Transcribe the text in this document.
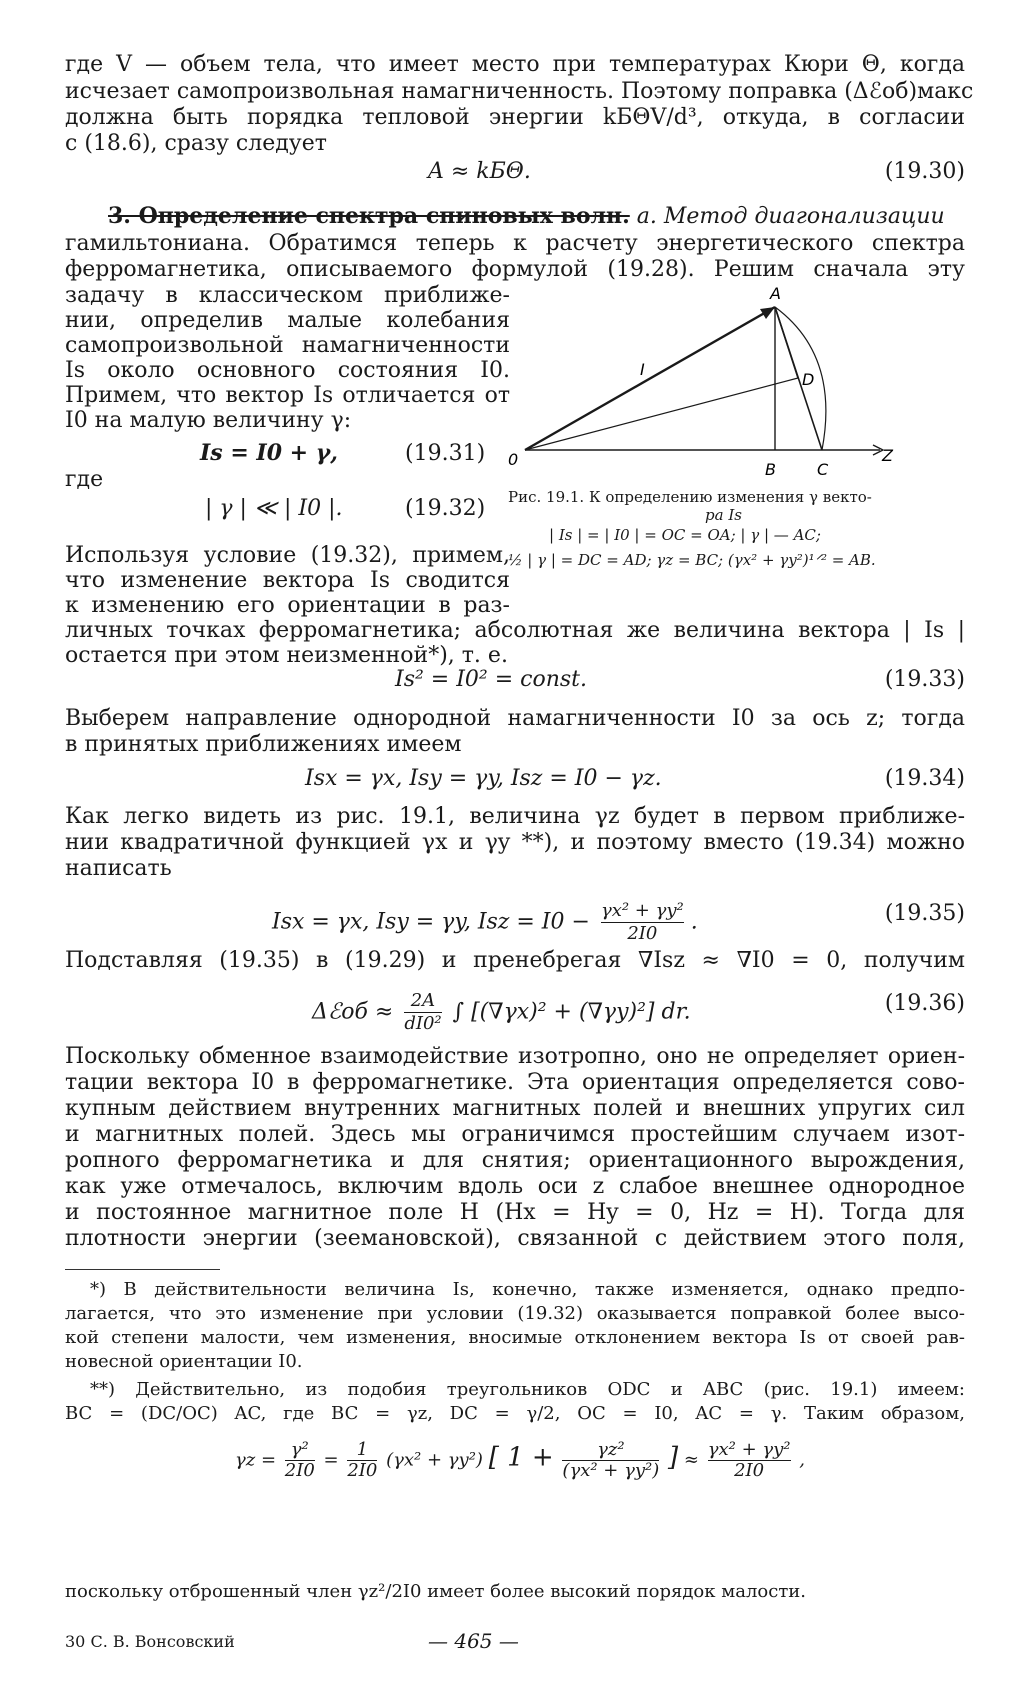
где V — объем тела, что имеет место при температурах Кюри Θ, когда
исчезает самопроизвольная намагниченность. Поэтому поправка (Δℰоб)макс
должна быть порядка тепловой энергии kБΘV/d³, откуда, в согласии
с (18.6), сразу следует
A ≈ kБΘ.	(19.30)
3. Определение спектра спиновых волн. а. Метод диагонализации
гамильтониана. Обратимся теперь к расчету энергетического спектра
ферромагнетика, описываемого формулой (19.28). Решим сначала эту
задачу в классическом приближе-
нии, определив малые колебания
самопроизвольной намагниченности
Is около основного состояния I0.
Примем, что вектор Is отличается от
I0 на малую величину γ:
Is = I0 + γ,	(19.31)
где
| γ | ≪ | I0 |.	(19.32)
Используя условие (19.32), примем,
что изменение вектора Is сводится
к изменению его ориентации в раз-
личных точках ферромагнетика; абсолютная же величина вектора | Is |
остается при этом неизменной*), т. е.
A
D
0
B	C
Z
I
Рис. 19.1. К определению изменения γ векто-
ра Is
| Is | = | I0 | = OC = OA; | γ | — AC;
½ | γ | = DC = AD; γz = BC; (γx² + γy²)¹ᐟ² = AB.
Is² = I0² = const.	(19.33)
Выберем направление однородной намагниченности I0 за ось z; тогда
в принятых приближениях имеем
Isx = γx, Isy = γy, Isz = I0 − γz.	(19.34)
Как легко видеть из рис. 19.1, величина γz будет в первом приближе-
нии квадратичной функцией γx и γy **), и поэтому вместо (19.34) можно
написать
Isx = γx, Isy = γy, Isz = $I0 - \frac{\text{γx² + γy²}}{2I0}$ .	(19.35)
Подставляя (19.35) в (19.29) и пренебрегая ∇Isz ≈ ∇I0 = 0, получим
Δℰоб ≈ $\frac{2A}{\text{dI0²}}$ ∫ [(∇γx)² + (∇γy)²] dr.	(19.36)
Поскольку обменное взаимодействие изотропно, оно не определяет ориен-
тации вектора I0 в ферромагнетике. Эта ориентация определяется сово-
купным действием внутренних магнитных полей и внешних упругих сил
и магнитных полей. Здесь мы ограничимся простейшим случаем изот-
ропного ферромагнетика и для снятия; ориентационного вырождения,
как уже отмечалось, включим вдоль оси z слабое внешнее однородное
и постоянное магнитное поле H (Hx = Hy = 0, Hz = H). Тогда для
плотности энергии (зеемановской), связанной с действием этого поля,
*) В действительности величина Is, конечно, также изменяется, однако предпо-
лагается, что это изменение при условии (19.32) оказывается поправкой более высо-
кой степени малости, чем изменения, вносимые отклонением вектора Is от своей рав-
новесной ориентации I0.
**) Действительно, из подобия треугольников ODC и ABC (рис. 19.1) имеем:
BC = (DC/OC) AC, где BC = γz, DC = γ/2, OC = I0, AC = γ. Таким образом,
$\gamma z = \frac{\text{γ²}}{2I0} = \frac{1}{2I0} (\gamma x^2 + \gamma y^2)$ [ $1 + \frac{\text{γz²}}{\text{(γx² + γy²)}}$ ] ≈ $\frac{\text{γx² + γy²}}{2I0}$ ,
поскольку отброшенный член γz²/2I0 имеет более высокий порядок малости.
30 С. В. Вонсовский	— 465 —
